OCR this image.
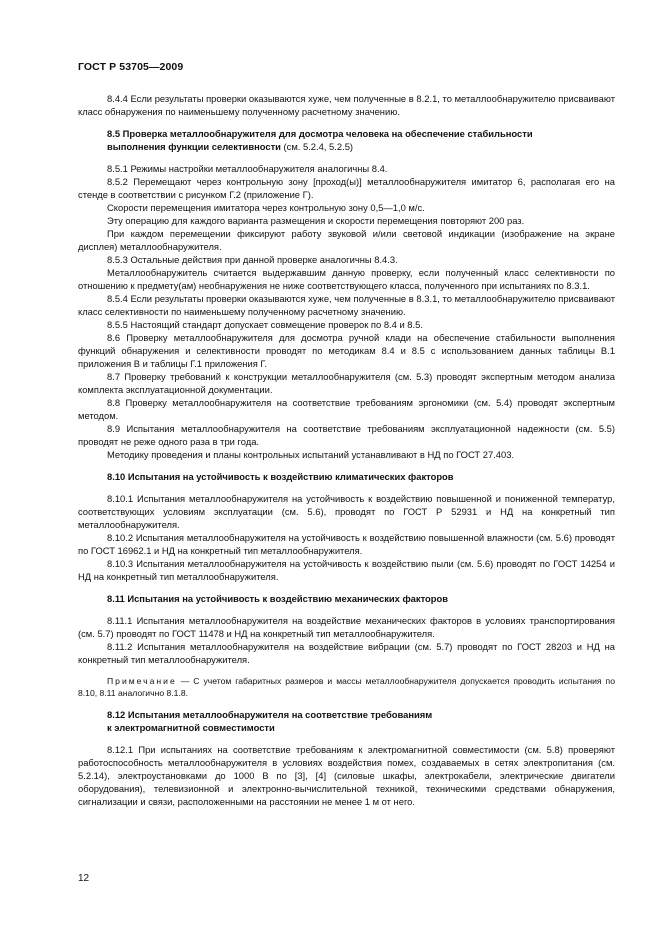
ГОСТ Р 53705—2009

8.4.4 Если результаты проверки оказываются хуже, чем полученные в 8.2.1, то металлообнаружителю присваивают класс обнаружения по наименьшему полученному расчетному значению.

8.5 Проверка металлообнаружителя для досмотра человека на обеспечение стабильности
выполнения функции селективности (см. 5.2.4, 5.2.5)

8.5.1 Режимы настройки металлообнаружителя аналогичны 8.4.

8.5.2 Перемещают через контрольную зону [проход(ы)] металлообнаружителя имитатор 6, располагая его на стенде в соответствии с рисунком Г.2 (приложение Г).

Скорости перемещения имитатора через контрольную зону 0,5—1,0 м/с.

Эту операцию для каждого варианта размещения и скорости перемещения повторяют 200 раз.

При каждом перемещении фиксируют работу звуковой и/или световой индикации (изображение на экране дисплея) металлообнаружителя.

8.5.3 Остальные действия при данной проверке аналогичны 8.4.3.

Металлообнаружитель считается выдержавшим данную проверку, если полученный класс селективности по отношению к предмету(ам) необнаружения не ниже соответствующего класса, полученного при испытаниях по 8.3.1.

8.5.4 Если результаты проверки оказываются хуже, чем полученные в 8.3.1, то металлообнаружителю присваивают класс селективности по наименьшему полученному расчетному значению.

8.5.5 Настоящий стандарт допускает совмещение проверок по 8.4 и 8.5.

8.6 Проверку металлообнаружителя для досмотра ручной клади на обеспечение стабильности выполнения функций обнаружения и селективности проводят по методикам 8.4 и 8.5 с использованием данных таблицы В.1 приложения В и таблицы Г.1 приложения Г.

8.7 Проверку требований к конструкции металлообнаружителя (см. 5.3) проводят экспертным методом анализа комплекта эксплуатационной документации.

8.8 Проверку металлообнаружителя на соответствие требованиям эргономики (см. 5.4) проводят экспертным методом.

8.9 Испытания металлообнаружителя на соответствие требованиям эксплуатационной надежности (см. 5.5) проводят не реже одного раза в три года.

Методику проведения и планы контрольных испытаний устанавливают в НД по ГОСТ 27.403.

8.10 Испытания на устойчивость к воздействию климатических факторов

8.10.1 Испытания металлообнаружителя на устойчивость к воздействию повышенной и пониженной температур, соответствующих условиям эксплуатации (см. 5.6), проводят по ГОСТ Р 52931 и НД на конкретный тип металлообнаружителя.

8.10.2 Испытания металлообнаружителя на устойчивость к воздействию повышенной влажности (см. 5.6) проводят по ГОСТ 16962.1 и НД на конкретный тип металлообнаружителя.

8.10.3 Испытания металлообнаружителя на устойчивость к воздействию пыли (см. 5.6) проводят по ГОСТ 14254 и НД на конкретный тип металлообнаружителя.

8.11 Испытания на устойчивость к воздействию механических факторов

8.11.1 Испытания металлообнаружителя на воздействие механических факторов в условиях транспортирования (см. 5.7) проводят по ГОСТ 11478 и НД на конкретный тип металлообнаружителя.

8.11.2 Испытания металлообнаружителя на воздействие вибрации (см. 5.7) проводят по ГОСТ 28203 и НД на конкретный тип металлообнаружителя.

Примечание — С учетом габаритных размеров и массы металлообнаружителя допускается проводить испытания по 8.10, 8.11 аналогично 8.1.8.

8.12 Испытания металлообнаружителя на соответствие требованиям
к электромагнитной совместимости

8.12.1 При испытаниях на соответствие требованиям к электромагнитной совместимости (см. 5.8) проверяют работоспособность металлообнаружителя в условиях воздействия помех, создаваемых в сетях электропитания (см. 5.2.14), электроустановками до 1000 В по [3], [4] (силовые шкафы, электрокабели, электрические двигатели оборудования), телевизионной и электронно-вычислительной техникой, техническими средствами обнаружения, сигнализации и связи, расположенными на расстоянии не менее 1 м от него.

12
